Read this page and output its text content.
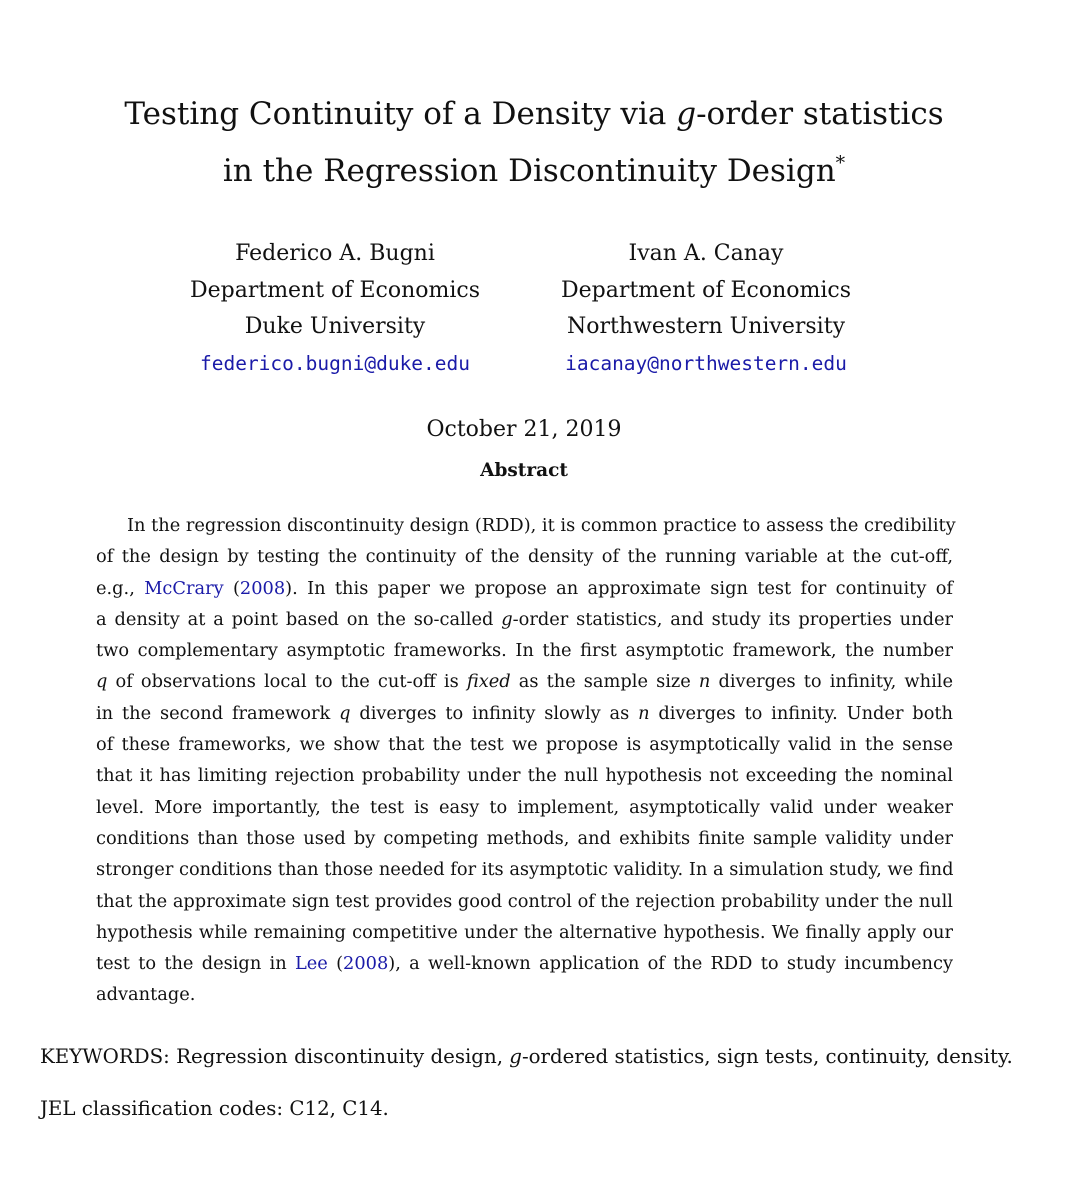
Testing Continuity of a Density via g-order statistics
in the Regression Discontinuity Design*
Federico A. Bugni
Department of Economics
Duke University
federico.bugni@duke.edu
Ivan A. Canay
Department of Economics
Northwestern University
iacanay@northwestern.edu
October 21, 2019
Abstract
In the regression discontinuity design (RDD), it is common practice to assess the credibility
of the design by testing the continuity of the density of the running variable at the cut-off,
e.g., McCrary (2008). In this paper we propose an approximate sign test for continuity of
a density at a point based on the so-called g-order statistics, and study its properties under
two complementary asymptotic frameworks. In the first asymptotic framework, the number
q of observations local to the cut-off is fixed as the sample size n diverges to infinity, while
in the second framework q diverges to infinity slowly as n diverges to infinity. Under both
of these frameworks, we show that the test we propose is asymptotically valid in the sense
that it has limiting rejection probability under the null hypothesis not exceeding the nominal
level. More importantly, the test is easy to implement, asymptotically valid under weaker
conditions than those used by competing methods, and exhibits finite sample validity under
stronger conditions than those needed for its asymptotic validity. In a simulation study, we find
that the approximate sign test provides good control of the rejection probability under the null
hypothesis while remaining competitive under the alternative hypothesis. We finally apply our
test to the design in Lee (2008), a well-known application of the RDD to study incumbency
advantage.
KEYWORDS: Regression discontinuity design, g-ordered statistics, sign tests, continuity, density.
JEL classification codes: C12, C14.
